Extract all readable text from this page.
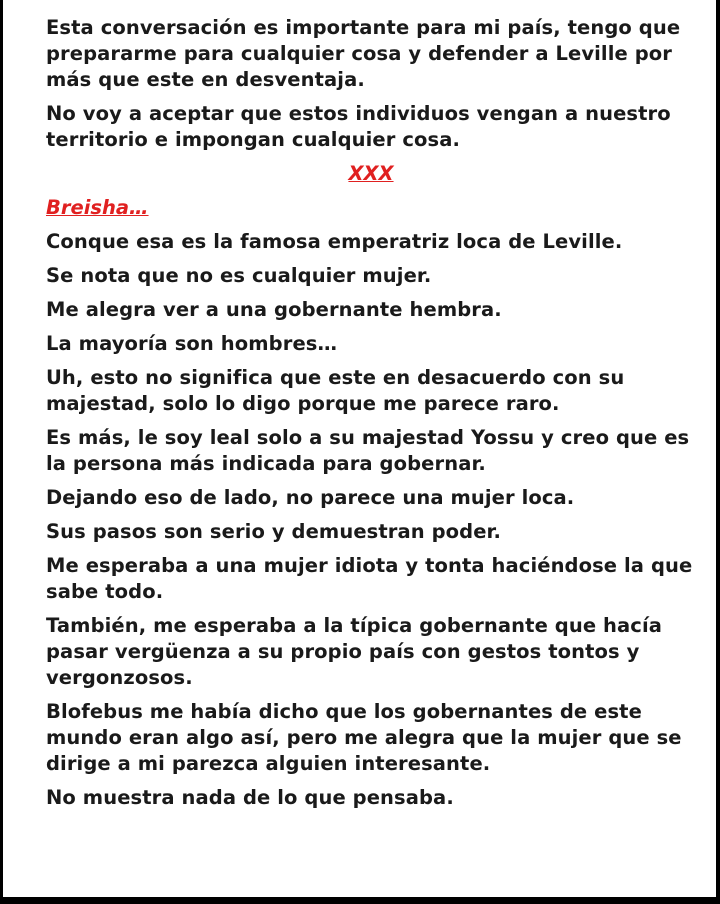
Esta conversación es importante para mi país, tengo que prepararme para cualquier cosa y defender a Leville por más que este en desventaja.

No voy a aceptar que estos individuos vengan a nuestro territorio e impongan cualquier cosa.

XXX

Breisha…

Conque esa es la famosa emperatriz loca de Leville.

Se nota que no es cualquier mujer.

Me alegra ver a una gobernante hembra.

La mayoría son hombres…

Uh, esto no significa que este en desacuerdo con su majestad, solo lo digo porque me parece raro.

Es más, le soy leal solo a su majestad Yossu y creo que es la persona más indicada para gobernar.

Dejando eso de lado, no parece una mujer loca.

Sus pasos son serio y demuestran poder.

Me esperaba a una mujer idiota y tonta haciéndose la que sabe todo.

También, me esperaba a la típica gobernante que hacía pasar vergüenza a su propio país con gestos tontos y vergonzosos.

Blofebus me había dicho que los gobernantes de este mundo eran algo así, pero me alegra que la mujer que se dirige a mi parezca alguien interesante.

No muestra nada de lo que pensaba.
